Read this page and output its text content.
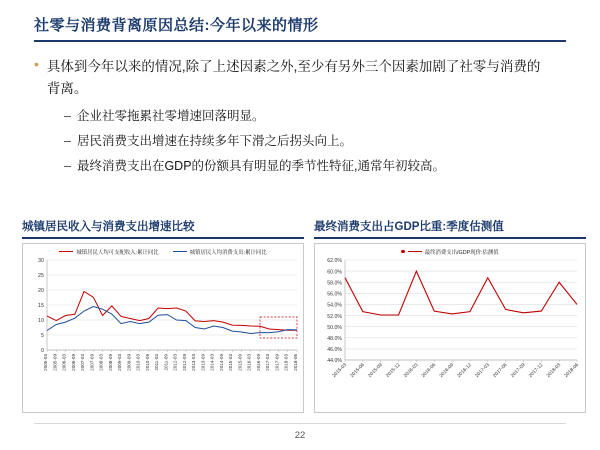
社零与消费背离原因总结:今年以来的情形
• 具体到今年以来的情况,除了上述因素之外,至少有另外三个因素加剧了社零与消费的背离。
– 企业社零拖累社零增速回落明显。
– 居民消费支出增速在持续多年下滑之后拐头向上。
– 最终消费支出在GDP的份额具有明显的季节性特征,通常年初较高。
城镇居民收入与消费支出增速比较
城镇居民人均可支配收入:累计同比	城镇居民人均消费支出:累计同比
0
5
10
15
20
25
30
2005-03 2005-09 2006-03 2006-09 2007-03 2007-09 2008-03 2008-09 2009-03 2009-09 2010-03 2010-09 2011-03 2011-09 2012-03 2012-09 2013-03 2013-09 2014-03 2014-09 2015-03 2015-09 2016-03 2016-09 2017-03 2017-09 2018-03 2018-06
最终消费支出占GDP比重:季度估测值
最终消费支出/GDP现价:估测值
44.0%
46.0%
48.0%
50.0%
52.0%
54.0%
56.0%
58.0%
60.0%
62.0%
2015-03 2015-06 2015-09 2015-12 2016-03 2016-06 2016-09 2016-12 2017-03 2017-06 2017-09 2017-12 2018-03 2018-06
22
